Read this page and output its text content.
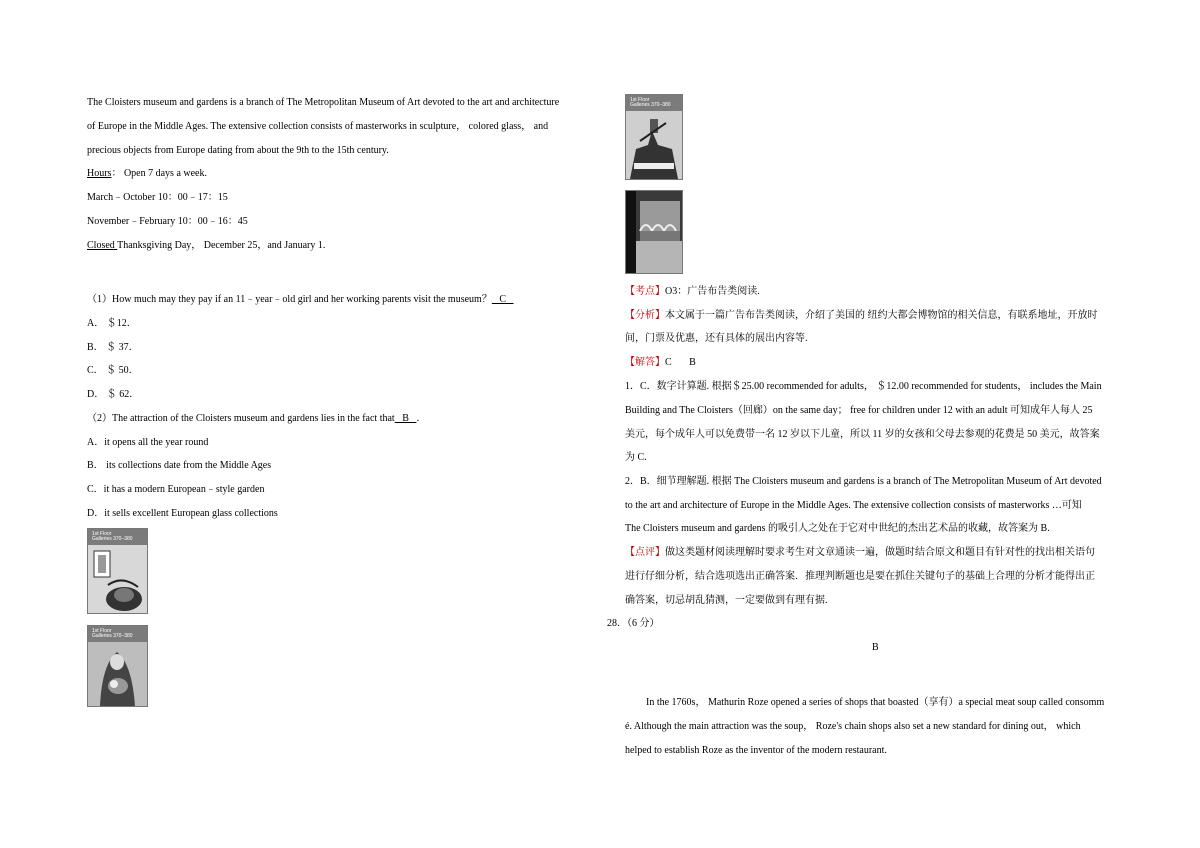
The Cloisters museum and gardens is a branch of The Metropolitan Museum of Art devoted to the art and architecture
of Europe in the Middle Ages. The extensive collection consists of masterworks in sculpture， colored glass， and
precious objects from Europe dating from about the 9th to the 15th century.
Hours： Open 7 days a week.
March﹣October 10：00﹣17：15
November﹣February 10：00﹣16：45
Closed Thanksgiving Day， December 25，and January 1.
（1）How much may they pay if an 11﹣year﹣old girl and her working parents visit the museum？   C
A． ＄12．
B． ＄ 37．
C． ＄ 50．
D． ＄ 62．
（2）The attraction of the Cloisters museum and gardens lies in the fact that   B   ．
A．it opens all the year round
B． its collections date from the Middle Ages
C．it has a modern European﹣style garden
D．it sells excellent European glass collections
1st Floor
Galleries 370–380
1st Floor
Galleries 370–380
1st Floor
Galleries 370–380
【考点】O3：广告布告类阅读.
【分析】本文属于一篇广告布告类阅读，介绍了美国的 纽约大都会博物馆的相关信息，有联系地址，开放时
间，门票及优惠，还有具体的展出内容等.
【解答】C       B
1．C．数字计算题. 根据＄25.00 recommended for adults， ＄12.00 recommended for students， includes the Main
Building and The Cloisters（回廊）on the same day； free for children under 12 with an adult 可知成年人每人 25
美元，每个成年人可以免费带一名 12 岁以下儿童，所以 11 岁的女孩和父母去参观的花费是 50 美元，故答案
为 C.
2．B．细节理解题. 根据 The Cloisters museum and gardens is a branch of The Metropolitan Museum of Art devoted
to the art and architecture of Europe in the Middle Ages. The extensive collection consists of masterworks …可知
The Cloisters museum and gardens 的吸引人之处在于它对中世纪的杰出艺术品的收藏，故答案为 B.
【点评】做这类题材阅读理解时要求考生对文章通读一遍，做题时结合原文和题目有针对性的找出相关语句
进行仔细分析，结合选项选出正确答案．推理判断题也是要在抓住关键句子的基础上合理的分析才能得出正
确答案，切忌胡乱猜测，一定要做到有理有据.
28．（6 分）
B
In the 1760s， Mathurin Roze opened a series of shops that boasted（享有）a special meat soup called consomm
é. Although the main attraction was the soup， Roze's chain shops also set a new standard for dining out， which
helped to establish Roze as the inventor of the modern restaurant.
